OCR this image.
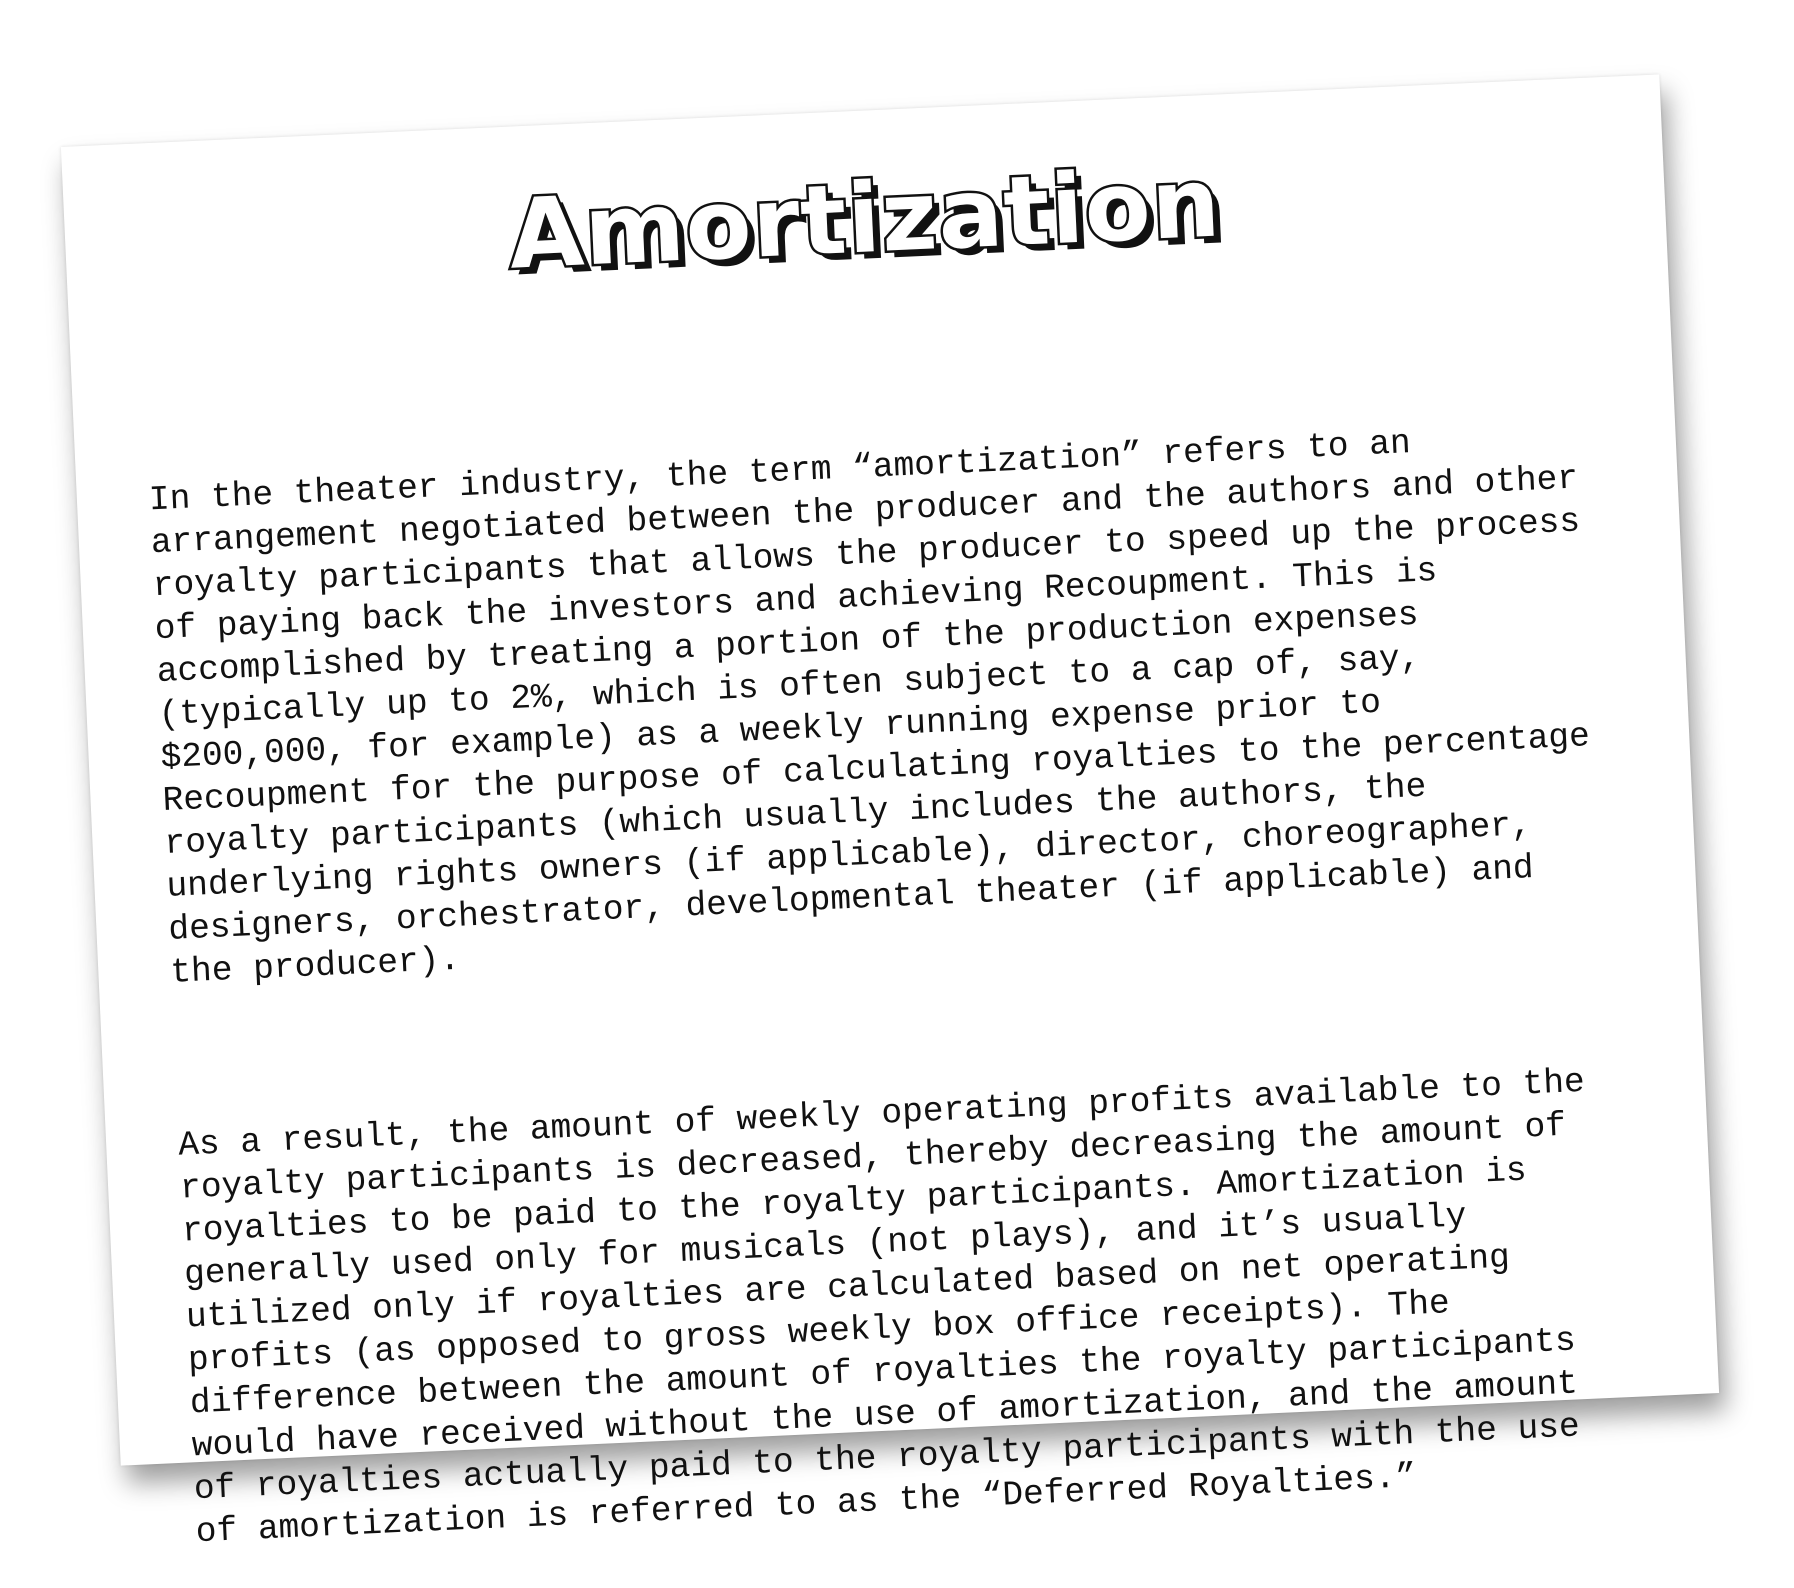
Amortization

In the theater industry, the term “amortization” refers to an
arrangement negotiated between the producer and the authors and other
royalty participants that allows the producer to speed up the process
of paying back the investors and achieving Recoupment. This is
accomplished by treating a portion of the production expenses
(typically up to 2%, which is often subject to a cap of, say,
$200,000, for example) as a weekly running expense prior to
Recoupment for the purpose of calculating royalties to the percentage
royalty participants (which usually includes the authors, the
underlying rights owners (if applicable), director, choreographer,
designers, orchestrator, developmental theater (if applicable) and
the producer).

As a result, the amount of weekly operating profits available to the
royalty participants is decreased, thereby decreasing the amount of
royalties to be paid to the royalty participants. Amortization is
generally used only for musicals (not plays), and it’s usually
utilized only if royalties are calculated based on net operating
profits (as opposed to gross weekly box office receipts). The
difference between the amount of royalties the royalty participants
would have received without the use of amortization, and the amount
of royalties actually paid to the royalty participants with the use
of amortization is referred to as the “Deferred Royalties.”
